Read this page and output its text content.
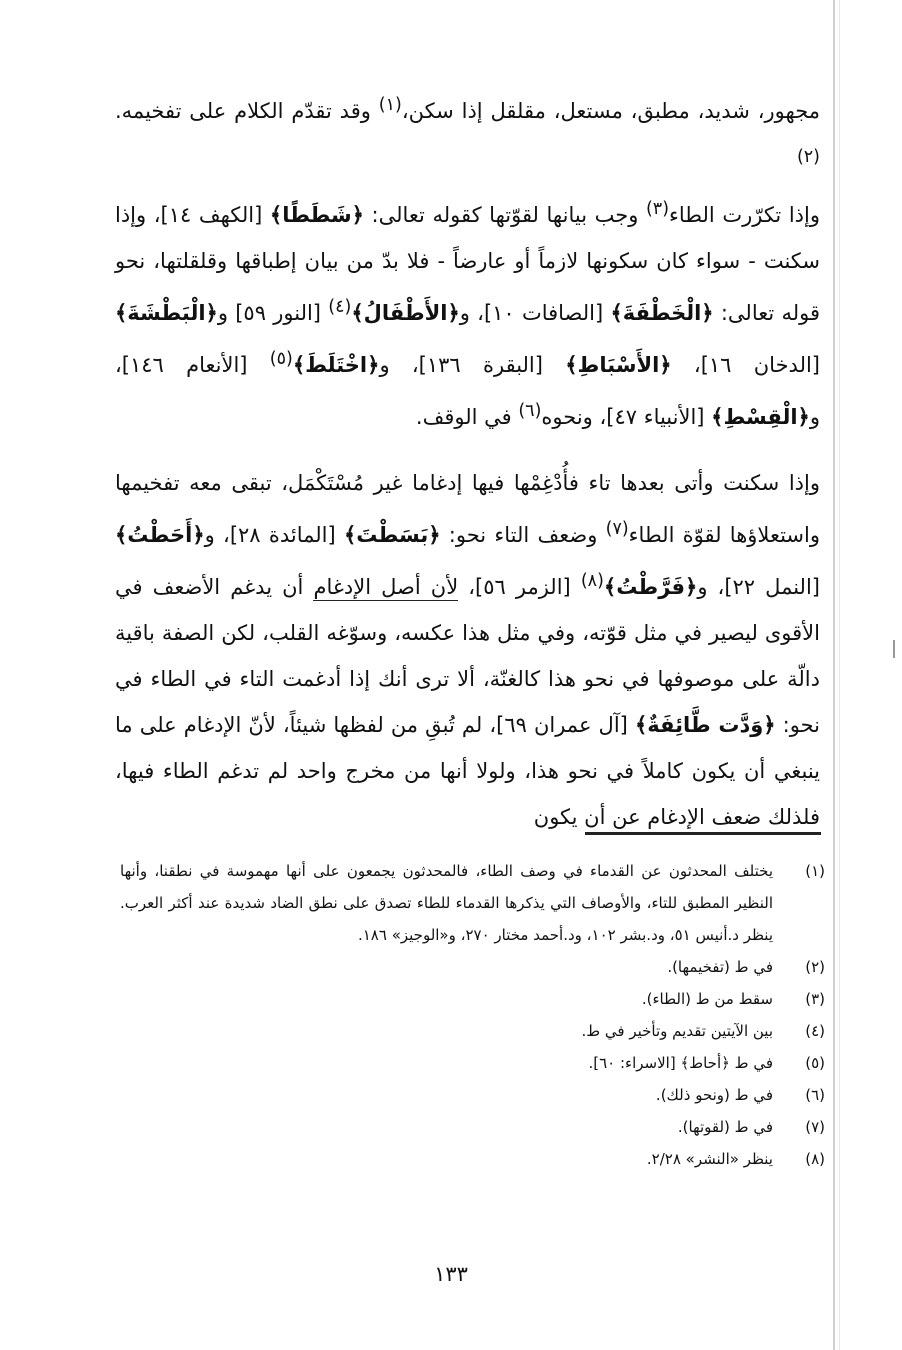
مجهور، شديد، مطبق، مستعل، مقلقل إذا سكن،$^{(١)}$ وقد تقدّم الكلام على تفخيمه.$^{(٢)}$

وإذا تكرّرت الطاء$^{(٣)}$ وجب بيانها لقوّتها كقوله تعالى: ﴿شَطَطًا﴾ [الكهف ١٤]، وإذا سكنت - سواء كان سكونها لازماً أو عارضاً - فلا بدّ من بيان إطباقها وقلقلتها، نحو قوله تعالى: ﴿الْخَطْفَةَ﴾ [الصافات ١٠]، و﴿الأَطْفَالُ﴾$^{(٤)}$ [النور ٥٩] و﴿الْبَطْشَةَ﴾ [الدخان ١٦]، ﴿الأَسْبَاطِ﴾ [البقرة ١٣٦]، و﴿اخْتَلَطَ﴾$^{(٥)}$ [الأنعام ١٤٦]، و﴿الْقِسْطِ﴾ [الأنبياء ٤٧]، ونحوه$^{(٦)}$ في الوقف.

وإذا سكنت وأتى بعدها تاء فأُدْغِمْها فيها إدغاما غير مُسْتَكْمَل، تبقى معه تفخيمها واستعلاؤها لقوّة الطاء$^{(٧)}$ وضعف التاء نحو: ﴿بَسَطْتَ﴾ [المائدة ٢٨]، و﴿أَحَطْتُ﴾ [النمل ٢٢]، و﴿فَرَّطْتُ﴾$^{(٨)}$ [الزمر ٥٦]، لأن أصل الإدغام أن يدغم الأضعف في الأقوى ليصير في مثل قوّته، وفي مثل هذا عكسه، وسوّغه القلب، لكن الصفة باقية دالّة على موصوفها في نحو هذا كالغنّة، ألا ترى أنك إذا أدغمت التاء في الطاء في نحو: ﴿وَدَّت طَّائِفَةٌ﴾ [آل عمران ٦٩]، لم تُبقِ من لفظها شيئاً، لأنّ الإدغام على ما ينبغي أن يكون كاملاً في نحو هذا، ولولا أنها من مخرج واحد لم تدغم الطاء فيها، فلذلك ضعف الإدغام عن أن يكون

(١)
يختلف المحدثون عن القدماء في وصف الطاء، فالمحدثون يجمعون على أنها مهموسة في نطقنا، وأنها النظير المطبق للتاء، والأوصاف التي يذكرها القدماء للطاء تصدق على نطق الضاد شديدة عند أكثر العرب. ينظر د.أنيس ٥١، ود.بشر ١٠٢، ود.أحمد مختار ٢٧٠، و«الوجيز» ١٨٦.
(٢)
في ط (تفخيمها).
(٣)
سقط من ط (الطاء).
(٤)
بين الآيتين تقديم وتأخير في ط.
(٥)
في ط ﴿أحاط﴾ [الاسراء: ٦٠].
(٦)
في ط (ونحو ذلك).
(٧)
في ط (لقوتها).
(٨)
ينظر «النشر» ٢/٢٨.
١٣٣
